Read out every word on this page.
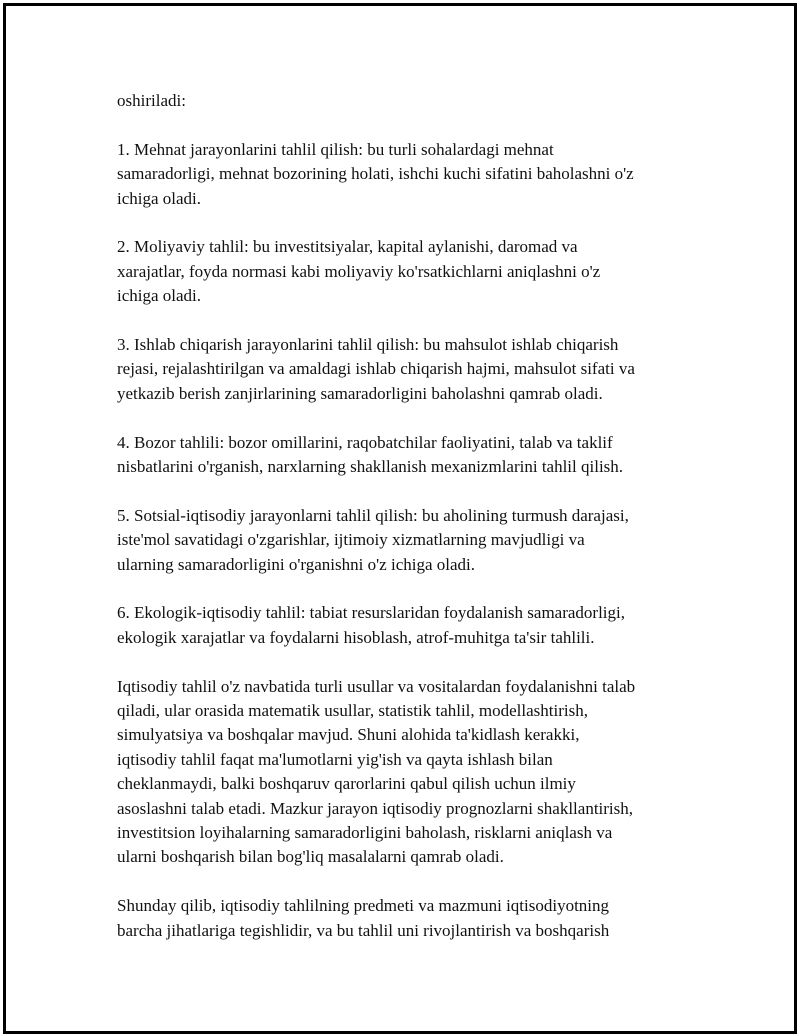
oshiriladi:

1. Mehnat jarayonlarini tahlil qilish: bu turli sohalardagi mehnat
samaradorligi, mehnat bozorining holati, ishchi kuchi sifatini baholashni o'z
ichiga oladi.

2. Moliyaviy tahlil: bu investitsiyalar, kapital aylanishi, daromad va
xarajatlar, foyda normasi kabi moliyaviy ko'rsatkichlarni aniqlashni o'z
ichiga oladi.

3. Ishlab chiqarish jarayonlarini tahlil qilish: bu mahsulot ishlab chiqarish
rejasi, rejalashtirilgan va amaldagi ishlab chiqarish hajmi, mahsulot sifati va
yetkazib berish zanjirlarining samaradorligini baholashni qamrab oladi.

4. Bozor tahlili: bozor omillarini, raqobatchilar faoliyatini, talab va taklif
nisbatlarini o'rganish, narxlarning shakllanish mexanizmlarini tahlil qilish.

5. Sotsial-iqtisodiy jarayonlarni tahlil qilish: bu aholining turmush darajasi,
iste'mol savatidagi o'zgarishlar, ijtimoiy xizmatlarning mavjudligi va
ularning samaradorligini o'rganishni o'z ichiga oladi.

6. Ekologik-iqtisodiy tahlil: tabiat resurslaridan foydalanish samaradorligi,
ekologik xarajatlar va foydalarni hisoblash, atrof-muhitga ta'sir tahlili.

Iqtisodiy tahlil o'z navbatida turli usullar va vositalardan foydalanishni talab
qiladi, ular orasida matematik usullar, statistik tahlil, modellashtirish,
simulyatsiya va boshqalar mavjud. Shuni alohida ta'kidlash kerakki,
iqtisodiy tahlil faqat ma'lumotlarni yig'ish va qayta ishlash bilan
cheklanmaydi, balki boshqaruv qarorlarini qabul qilish uchun ilmiy
asoslashni talab etadi. Mazkur jarayon iqtisodiy prognozlarni shakllantirish,
investitsion loyihalarning samaradorligini baholash, risklarni aniqlash va
ularni boshqarish bilan bog'liq masalalarni qamrab oladi.

Shunday qilib, iqtisodiy tahlilning predmeti va mazmuni iqtisodiyotning
barcha jihatlariga tegishlidir, va bu tahlil uni rivojlantirish va boshqarish
